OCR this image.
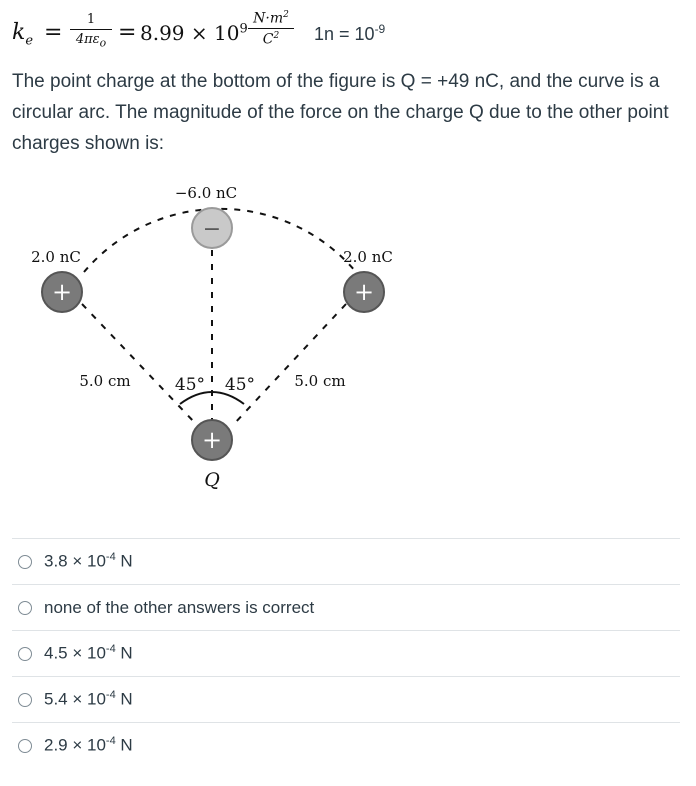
$k_e$ =
1
$4\pi\varepsilon_o = 8.99 \times 10^9$
$N\cdot m^2$
$C^2$	$1n = 10^{-9}$

The point charge at the bottom of the figure is Q = +49 nC, and the curve is a circular arc. The magnitude of the force on the charge Q due to the other point charges shown is:

−
−6.0 nC
+
2.0 nC
+
2.0 nC
5.0 cm	5.0 cm
45° 45°
+
Q
$3.8 \times 10^{-4}$ N
none of the other answers is correct
$4.5 \times 10^{-4}$ N
$5.4 \times 10^{-4}$ N
$2.9 \times 10^{-4}$ N
